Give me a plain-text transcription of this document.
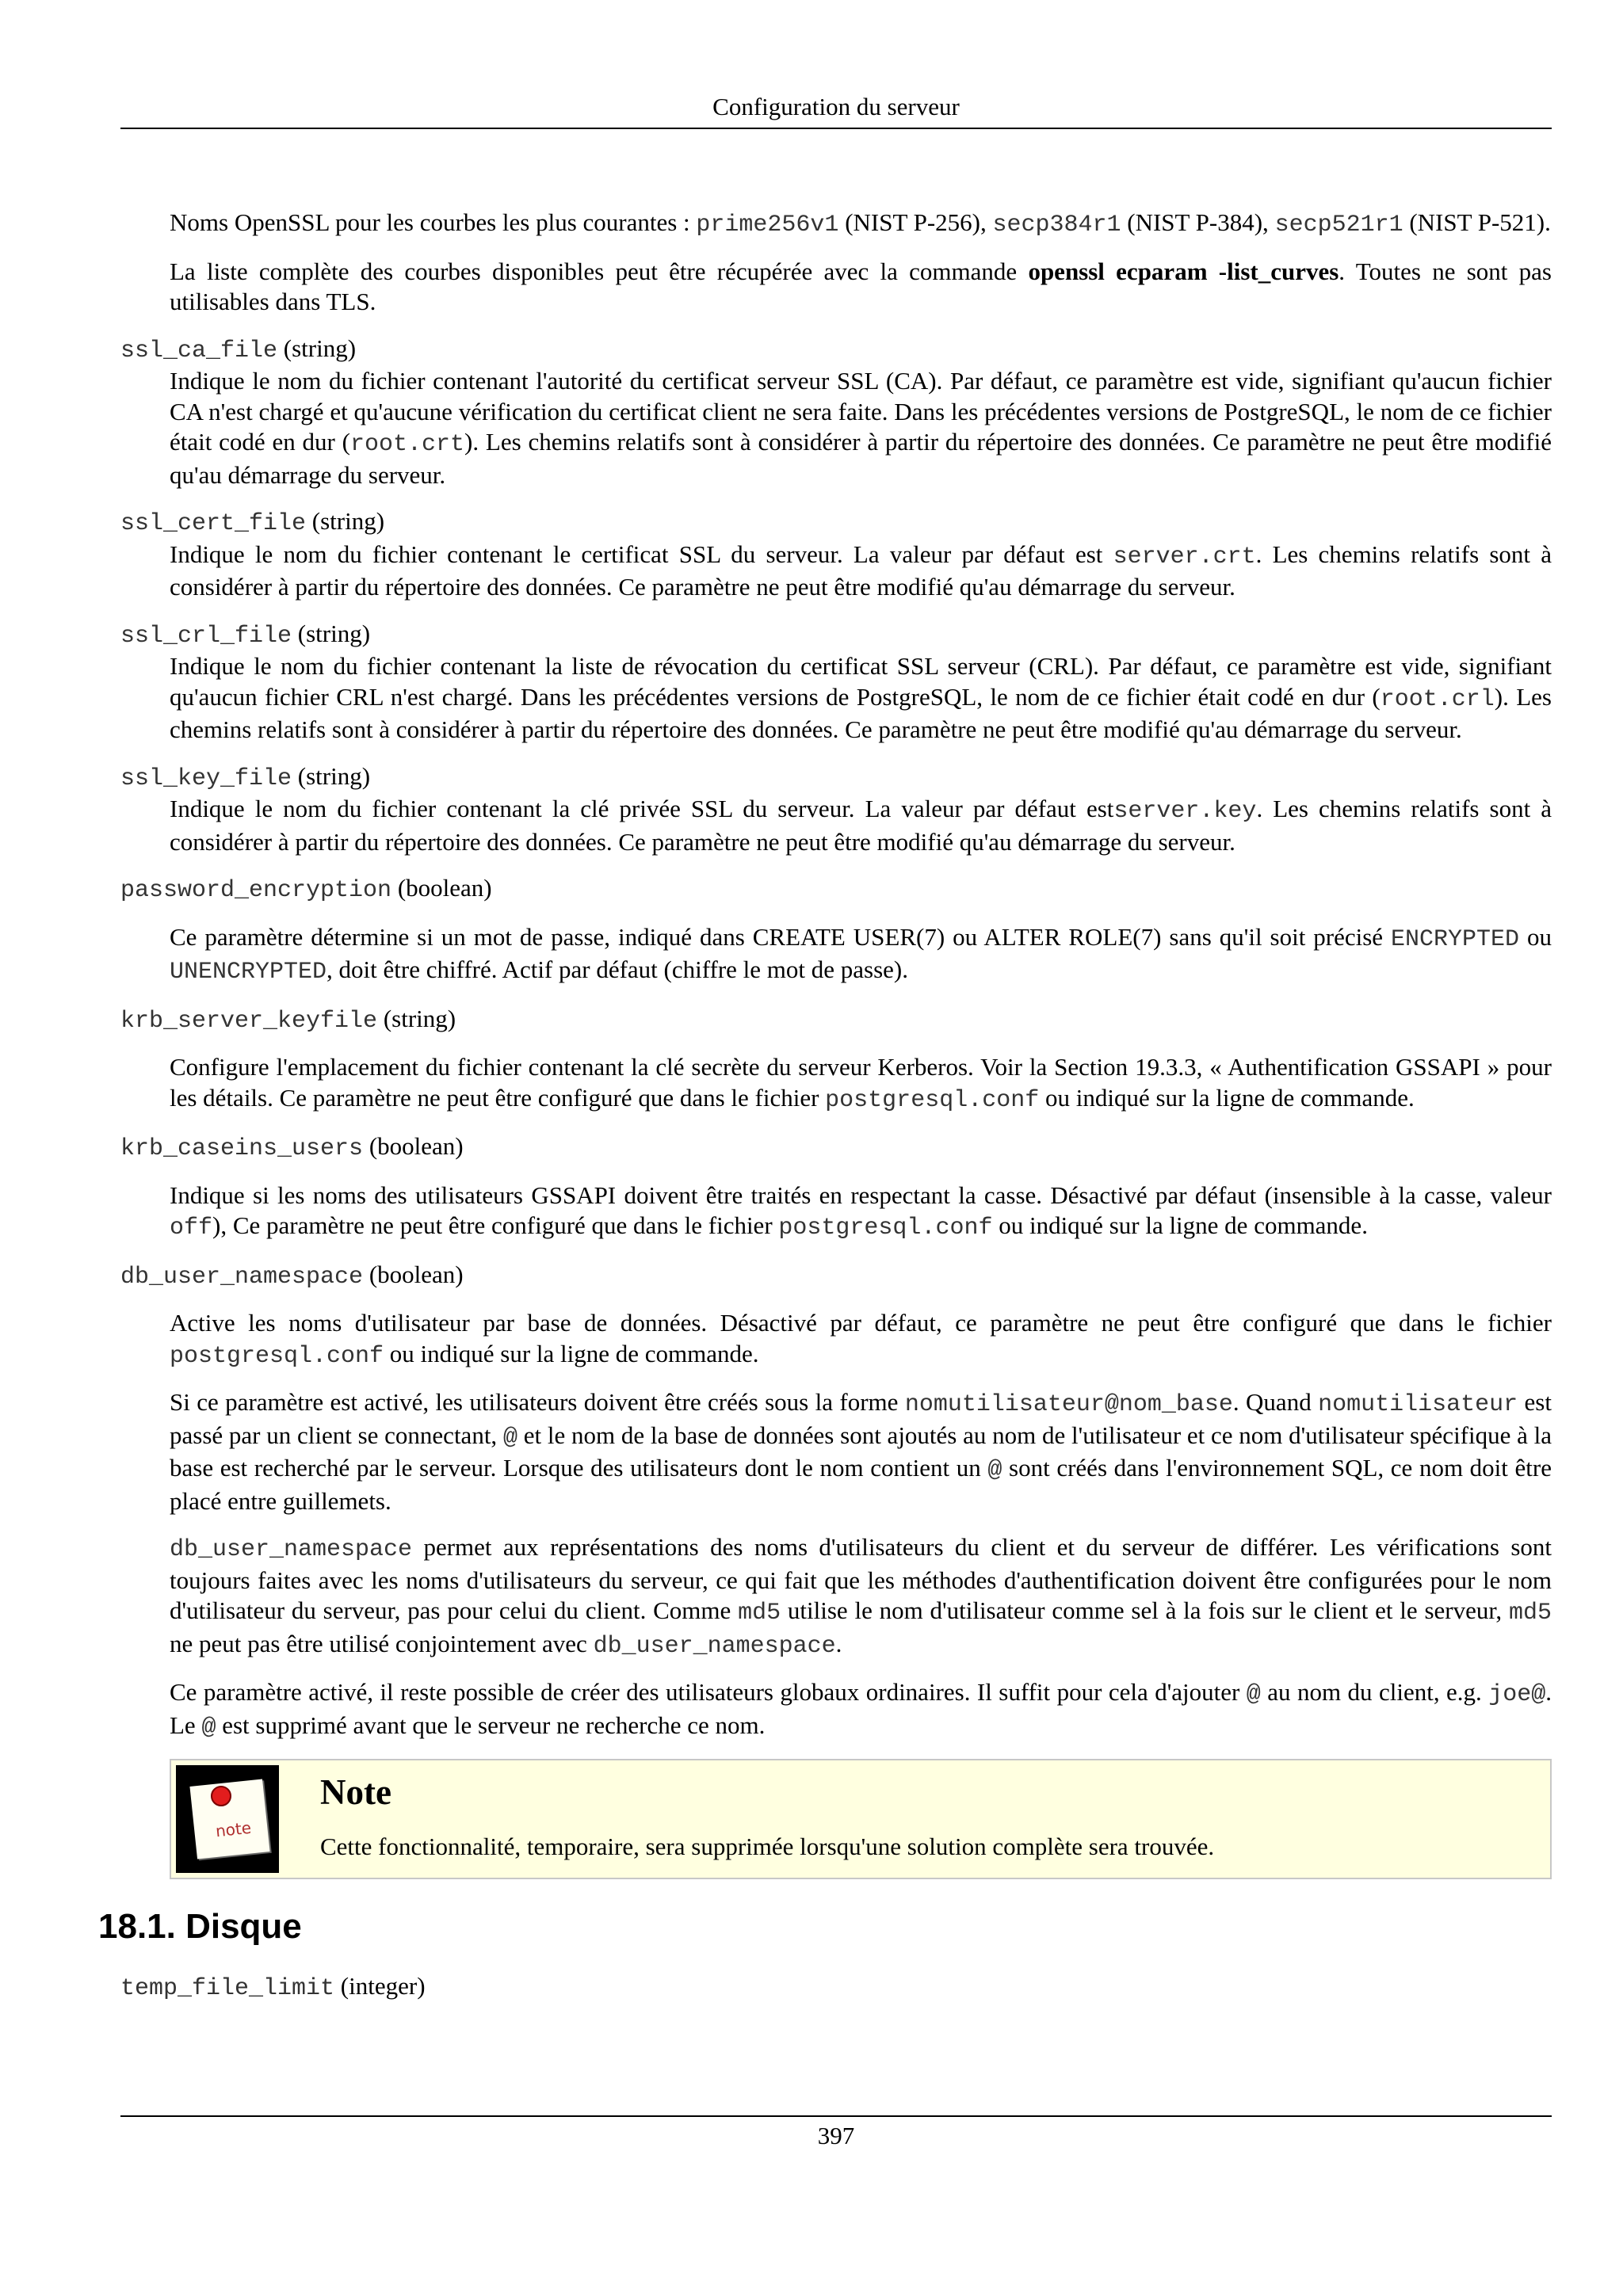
Configuration du serveur

Noms OpenSSL pour les courbes les plus courantes : prime256v1 (NIST P-256), secp384r1 (NIST P-384), secp521r1 (NIST P-521).

La liste complète des courbes disponibles peut être récupérée avec la commande openssl ecparam -list_curves. Toutes ne sont pas utilisables dans TLS.

ssl_ca_file (string)

Indique le nom du fichier contenant l'autorité du certificat serveur SSL (CA). Par défaut, ce paramètre est vide, signifiant qu'aucun fichier CA n'est chargé et qu'aucune vérification du certificat client ne sera faite. Dans les précédentes versions de PostgreSQL, le nom de ce fichier était codé en dur (root.crt). Les chemins relatifs sont à considérer à partir du répertoire des données. Ce paramètre ne peut être modifié qu'au démarrage du serveur.

ssl_cert_file (string)

Indique le nom du fichier contenant le certificat SSL du serveur. La valeur par défaut est server.crt. Les chemins relatifs sont à considérer à partir du répertoire des données. Ce paramètre ne peut être modifié qu'au démarrage du serveur.

ssl_crl_file (string)

Indique le nom du fichier contenant la liste de révocation du certificat SSL serveur (CRL). Par défaut, ce paramètre est vide, signifiant qu'aucun fichier CRL n'est chargé. Dans les précédentes versions de PostgreSQL, le nom de ce fichier était codé en dur (root.crl). Les chemins relatifs sont à considérer à partir du répertoire des données. Ce paramètre ne peut être modifié qu'au démarrage du serveur.

ssl_key_file (string)

Indique le nom du fichier contenant la clé privée SSL du serveur. La valeur par défaut estserver.key. Les chemins relatifs sont à considérer à partir du répertoire des données. Ce paramètre ne peut être modifié qu'au démarrage du serveur.

password_encryption (boolean)

Ce paramètre détermine si un mot de passe, indiqué dans CREATE USER(7) ou ALTER ROLE(7) sans qu'il soit précisé ENCRYPTED ou UNENCRYPTED, doit être chiffré. Actif par défaut (chiffre le mot de passe).

krb_server_keyfile (string)

Configure l'emplacement du fichier contenant la clé secrète du serveur Kerberos. Voir la Section 19.3.3, « Authentification GSSAPI » pour les détails. Ce paramètre ne peut être configuré que dans le fichier postgresql.conf ou indiqué sur la ligne de commande.

krb_caseins_users (boolean)

Indique si les noms des utilisateurs GSSAPI doivent être traités en respectant la casse. Désactivé par défaut (insensible à la casse, valeur off), Ce paramètre ne peut être configuré que dans le fichier postgresql.conf ou indiqué sur la ligne de commande.

db_user_namespace (boolean)

Active les noms d'utilisateur par base de données. Désactivé par défaut, ce paramètre ne peut être configuré que dans le fichier postgresql.conf ou indiqué sur la ligne de commande.

Si ce paramètre est activé, les utilisateurs doivent être créés sous la forme nomutilisateur@nom_base. Quand nomutilisateur est passé par un client se connectant, @ et le nom de la base de données sont ajoutés au nom de l'utilisateur et ce nom d'utilisateur spécifique à la base est recherché par le serveur. Lorsque des utilisateurs dont le nom contient un @ sont créés dans l'environnement SQL, ce nom doit être placé entre guillemets.

db_user_namespace permet aux représentations des noms d'utilisateurs du client et du serveur de différer. Les vérifications sont toujours faites avec les noms d'utilisateurs du serveur, ce qui fait que les méthodes d'authentification doivent être configurées pour le nom d'utilisateur du serveur, pas pour celui du client. Comme md5 utilise le nom d'utilisateur comme sel à la fois sur le client et le serveur, md5 ne peut pas être utilisé conjointement avec db_user_namespace.

Ce paramètre activé, il reste possible de créer des utilisateurs globaux ordinaires. Il suffit pour cela d'ajouter @ au nom du client, e.g. joe@. Le @ est supprimé avant que le serveur ne recherche ce nom.

note
Note
Cette fonctionnalité, temporaire, sera supprimée lorsqu'une solution complète sera trouvée.
18.1. Disque
temp_file_limit (integer)
397
